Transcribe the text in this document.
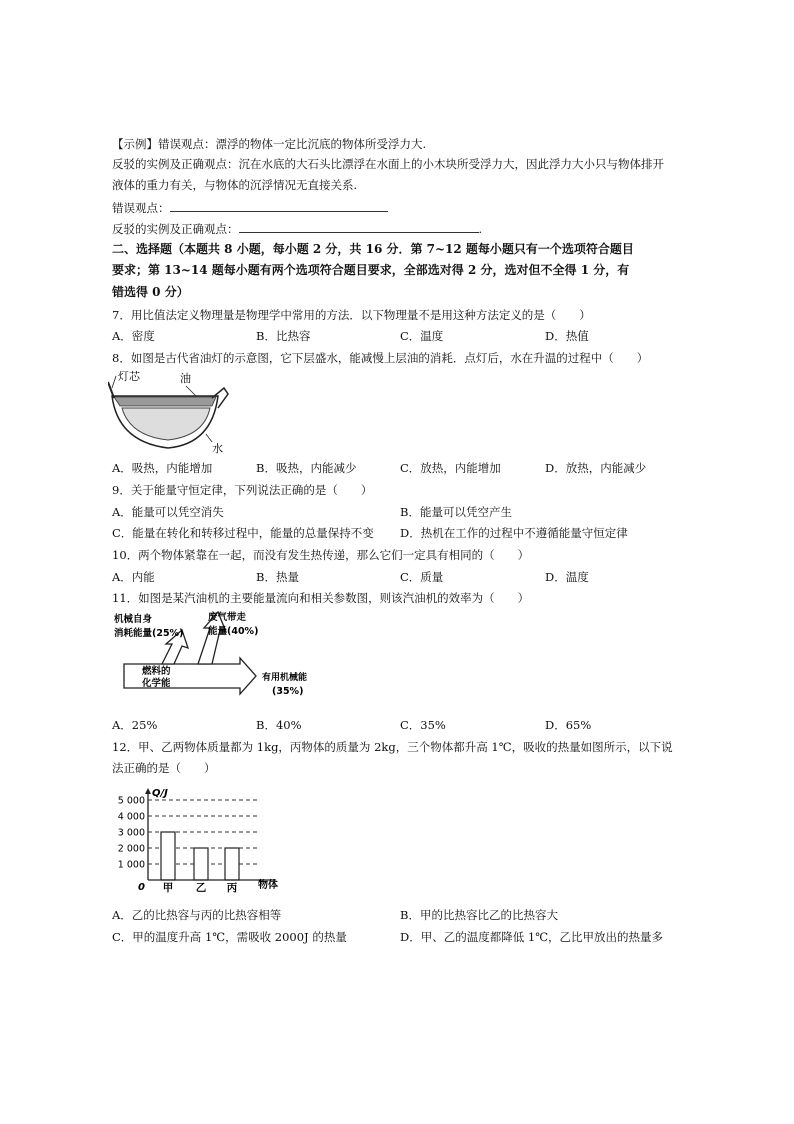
【示例】错误观点：漂浮的物体一定比沉底的物体所受浮力大.
反驳的实例及正确观点：沉在水底的大石头比漂浮在水面上的小木块所受浮力大，因此浮力大小只与物体排开
液体的重力有关，与物体的沉浮情况无直接关系.
错误观点：
反驳的实例及正确观点：	.
二、选择题（本题共 8 小题，每小题 2 分，共 16 分．第 7~12 题每小题只有一个选项符合题目
要求；第 13~14 题每小题有两个选项符合题目要求，全部选对得 2 分，选对但不全得 1 分，有
错选得 0 分）
7．用比值法定义物理量是物理学中常用的方法．以下物理量不是用这种方法定义的是（　　）
A．密度	B．比热容	C．温度	D．热值
8．如图是古代省油灯的示意图，它下层盛水，能减慢上层油的消耗．点灯后，水在升温的过程中（　　）
灯芯	油
水
A．吸热，内能增加	B．吸热，内能减少	C．放热，内能增加	D．放热，内能减少
9．关于能量守恒定律，下列说法正确的是（　　）
A．能量可以凭空消失	B．能量可以凭空产生
C．能量在转化和转移过程中，能量的总量保持不变 D．热机在工作的过程中不遵循能量守恒定律
10．两个物体紧靠在一起，而没有发生热传递，那么它们一定具有相同的（　　）
A．内能	B．热量	C．质量	D．温度
11．如图是某汽油机的主要能量流向和相关参数图，则该汽油机的效率为（　　）
机械自身
消耗能量(25%)
废气带走
能量(40%)
燃料的
化学能	有用机械能
(35%)
A．25%	B．40%	C．35%	D．65%
12．甲、乙两物体质量都为 1kg，丙物体的质量为 2kg，三个物体都升高 1℃，吸收的热量如图所示，以下说
法正确的是（　　）
Q/J
0	物体
5 000
4 000
3 000
2 000
1 000
甲 乙 丙
A．乙的比热容与丙的比热容相等	B．甲的比热容比乙的比热容大
C．甲的温度升高 1℃，需吸收 2000J 的热量	D．甲、乙的温度都降低 1℃，乙比甲放出的热量多
